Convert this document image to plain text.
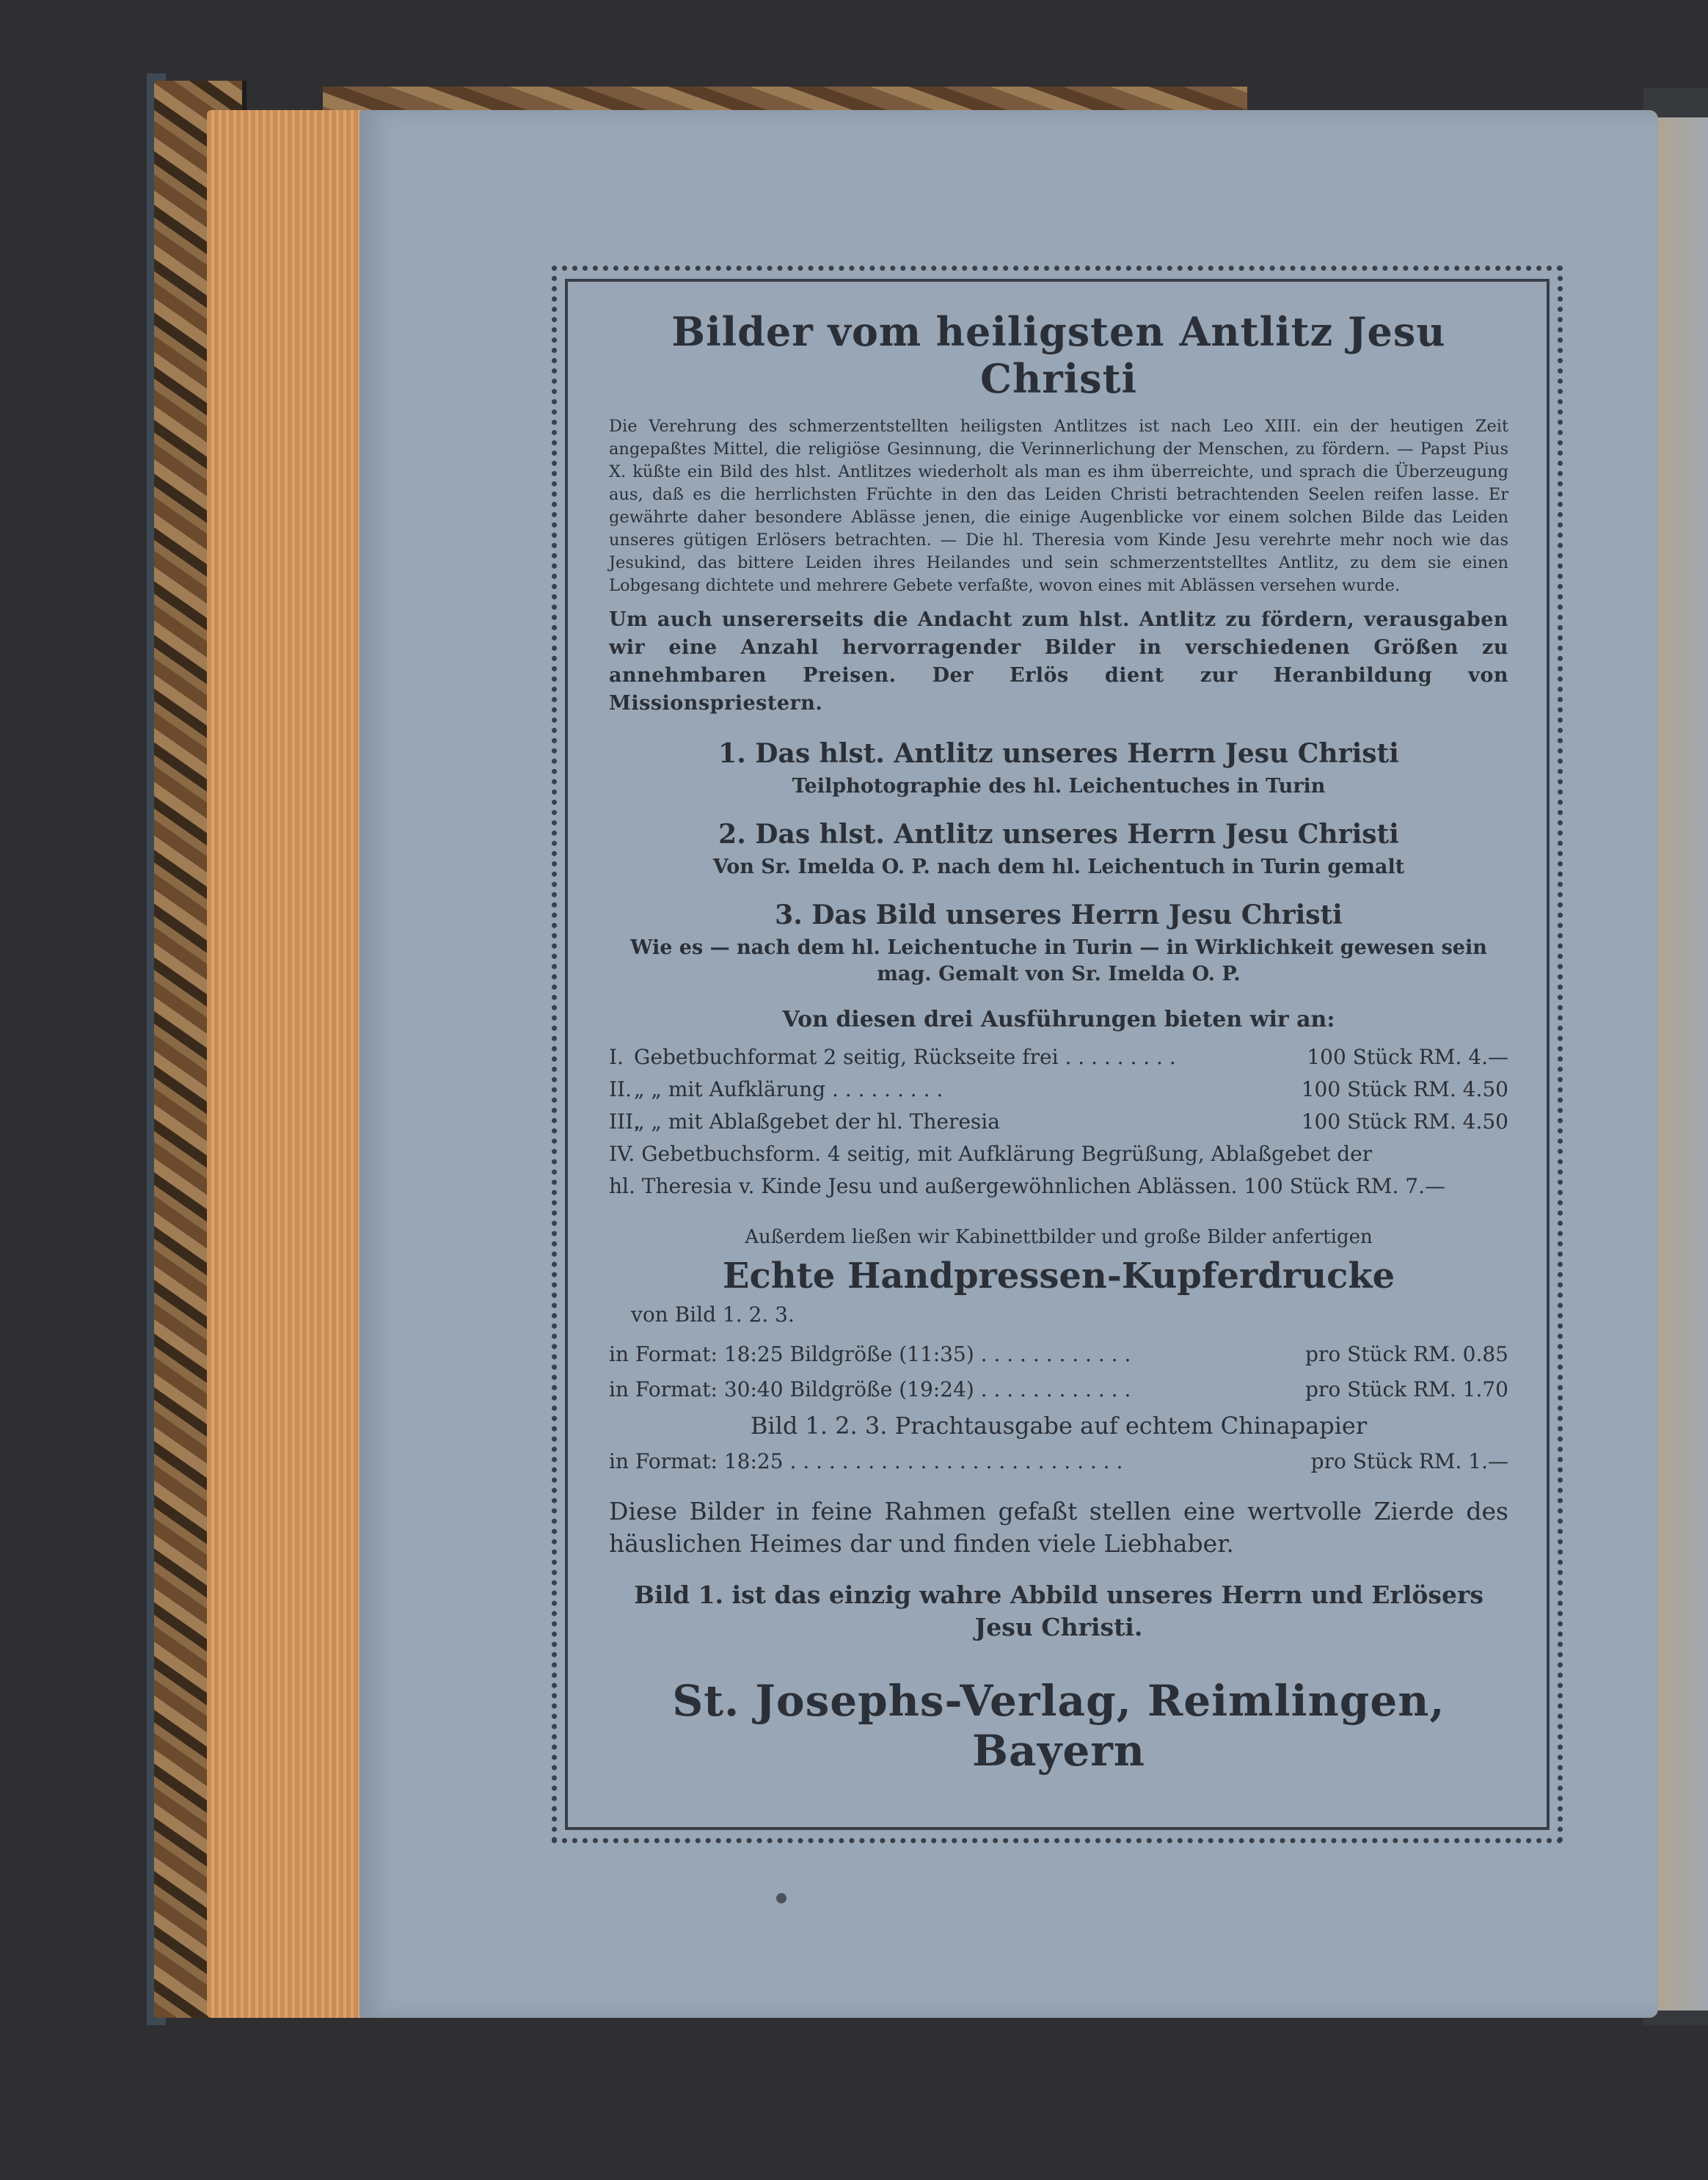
Bilder vom heiligsten Antlitz Jesu Christi

Die Verehrung des schmerzentstellten heiligsten Antlitzes ist nach Leo XIII. ein der heutigen Zeit angepaßtes Mittel, die religiöse Gesinnung, die Verinnerlichung der Menschen, zu fördern. — Papst Pius X. küßte ein Bild des hlst. Antlitzes wiederholt als man es ihm überreichte, und sprach die Überzeugung aus, daß es die herrlichsten Früchte in den das Leiden Christi betrachtenden Seelen reifen lasse. Er gewährte daher besondere Ablässe jenen, die einige Augenblicke vor einem solchen Bilde das Leiden unseres gütigen Erlösers betrachten. — Die hl. Theresia vom Kinde Jesu verehrte mehr noch wie das Jesukind, das bittere Leiden ihres Heilandes und sein schmerzentstelltes Antlitz, zu dem sie einen Lobgesang dichtete und mehrere Gebete verfaßte, wovon eines mit Ablässen versehen wurde.

Um auch unsererseits die Andacht zum hlst. Antlitz zu fördern, verausgaben wir eine Anzahl hervorragender Bilder in verschiedenen Größen zu annehmbaren Preisen. Der Erlös dient zur Heranbildung von Missionspriestern.

1. Das hlst. Antlitz unseres Herrn Jesu Christi

Teilphotographie des hl. Leichentuches in Turin

2. Das hlst. Antlitz unseres Herrn Jesu Christi

Von Sr. Imelda O. P. nach dem hl. Leichentuch in Turin gemalt

3. Das Bild unseres Herrn Jesu Christi

Wie es — nach dem hl. Leichentuche in Turin — in Wirklichkeit gewesen sein mag. Gemalt von Sr. Imelda O. P.

Von diesen drei Ausführungen bieten wir an:

I. Gebetbuchformat 2 seitig, Rückseite frei . . . . . . . . .	100 Stück RM. 4.—
II. „ „ mit Aufklärung . . . . . . . . .	100 Stück RM. 4.50
III.
„ „ mit Ablaßgebet der hl. Theresia	100 Stück RM. 4.50

IV. Gebetbuchsform. 4 seitig, mit Aufklärung Begrüßung, Ablaßgebet der

hl. Theresia v. Kinde Jesu und außergewöhnlichen Ablässen. 100 Stück RM. 7.—

Außerdem ließen wir Kabinettbilder und große Bilder anfertigen

Echte Handpressen-Kupferdrucke

von Bild 1. 2. 3.

in Format: 18:25 Bildgröße (11:35) . . . . . . . . . . . .	pro Stück RM. 0.85
in Format: 30:40 Bildgröße (19:24) . . . . . . . . . . . .	pro Stück RM. 1.70

Bild 1. 2. 3. Prachtausgabe auf echtem Chinapapier

in Format: 18:25 . . . . . . . . . . . . . . . . . . . . . . . . . .	pro Stück RM. 1.—

Diese Bilder in feine Rahmen gefaßt stellen eine wertvolle Zierde des häuslichen Heimes dar und finden viele Liebhaber.

Bild 1. ist das einzig wahre Abbild unseres Herrn und Erlösers Jesu Christi.

St. Josephs-Verlag, Reimlingen, Bayern
